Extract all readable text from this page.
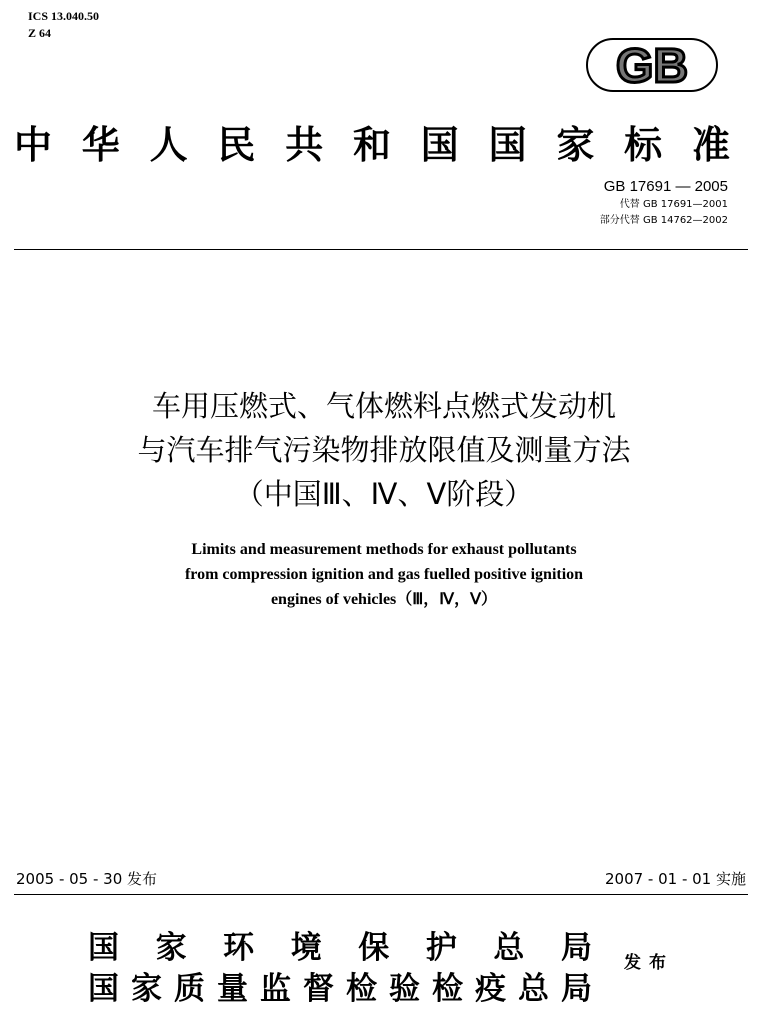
ICS 13.040.50
Z 64
GB
中华人民共和国国家标准
GB 17691 — 2005
代替 GB 17691—2001
部分代替 GB 14762—2002
车用压燃式、气体燃料点燃式发动机
与汽车排气污染物排放限值及测量方法
（中国Ⅲ、Ⅳ、Ⅴ阶段）
Limits and measurement methods for exhaust pollutants
from compression ignition and gas fuelled positive ignition
engines of vehicles（Ⅲ，Ⅳ，Ⅴ）
2005 - 05 - 30 发布	2007 - 01 - 01 实施
国家环境保护总局
国家质量监督检验检疫总局
发布
